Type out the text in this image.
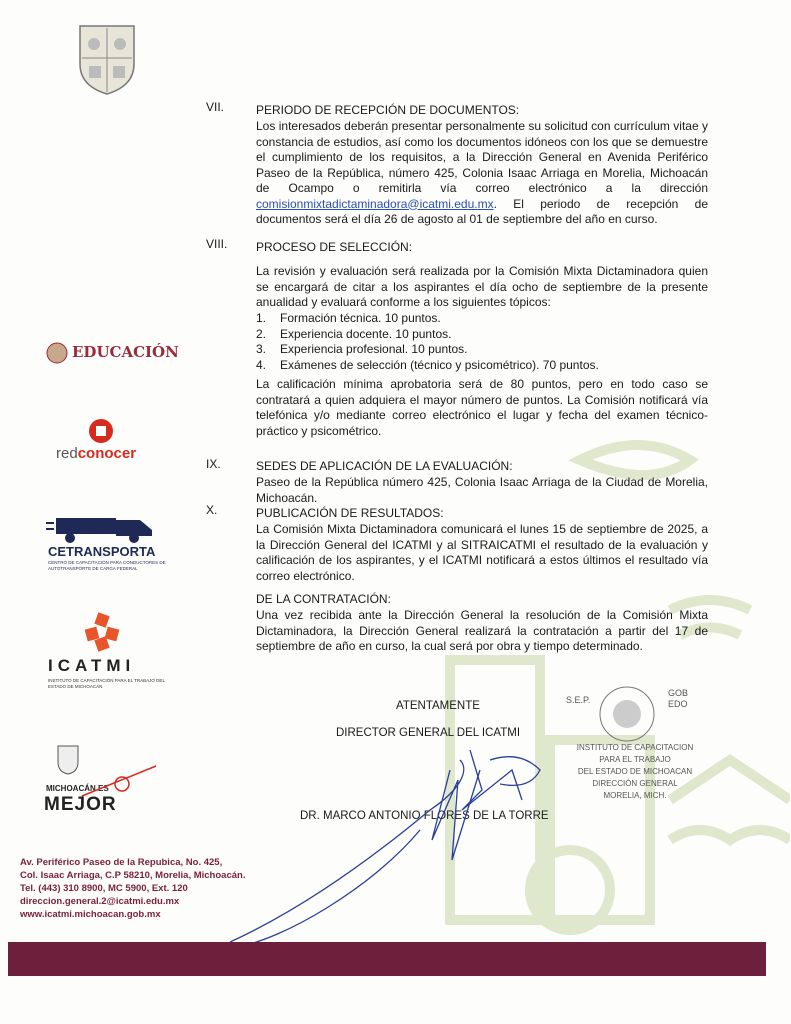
EDUCACIÓN
redconocer
CETRANSPORTA
CENTRO DE CAPACITACIÓN PARA CONDUCTORES DE AUTOTRANSPORTE DE CARGA FEDERAL
ICATMI
INSTITUTO DE CAPACITACIÓN PARA EL TRABAJO DEL ESTADO DE MICHOACÁN
MICHOACÁN ES
MEJOR
VII.	PERIODO DE RECEPCIÓN DE DOCUMENTOS:
Los interesados deberán presentar personalmente su solicitud con currículum vitae y constancia de estudios, así como los documentos idóneos con los que se demuestre el cumplimiento de los requisitos, a la Dirección General en Avenida Periférico Paseo de la República, número 425, Colonia Isaac Arriaga en Morelia, Michoacán de Ocampo o remitirla vía correo electrónico a la dirección comisionmixtadictaminadora@icatmi.edu.mx. El periodo de recepción de documentos será el día 26 de agosto al 01 de septiembre del año en curso.
VIII. PROCESO DE SELECCIÓN:
La revisión y evaluación será realizada por la Comisión Mixta Dictaminadora quien se encargará de citar a los aspirantes el día ocho de septiembre de la presente anualidad y evaluará conforme a los siguientes tópicos:
1. Formación técnica. 10 puntos.
2. Experiencia docente. 10 puntos.
3. Experiencia profesional. 10 puntos.
4. Exámenes de selección (técnico y psicométrico). 70 puntos.
La calificación mínima aprobatoria será de 80 puntos, pero en todo caso se contratará a quien adquiera el mayor número de puntos. La Comisión notificará vía telefónica y/o mediante correo electrónico el lugar y fecha del examen técnico-práctico y psicométrico.
IX.	SEDES DE APLICACIÓN DE LA EVALUACIÓN:
Paseo de la República número 425, Colonia Isaac Arriaga de la Ciudad de Morelia, Michoacán.
X.	PUBLICACIÓN DE RESULTADOS:
La Comisión Mixta Dictaminadora comunicará el lunes 15 de septiembre de 2025, a la Dirección General del ICATMI y al SITRAICATMI el resultado de la evaluación y calificación de los aspirantes, y el ICATMI notificará a estos últimos el resultado vía correo electrónico.
DE LA CONTRATACIÓN:
Una vez recibida ante la Dirección General la resolución de la Comisión Mixta Dictaminadora, la Dirección General realizará la contratación a partir del 17 de septiembre de año en curso, la cual será por obra y tiempo determinado.
ATENTAMENTE
DIRECTOR GENERAL DEL ICATMI
DR. MARCO ANTONIO FLORES DE LA TORRE
S.E.P.
GOB
EDO
INSTITUTO DE CAPACITACION
PARA EL TRABAJO
DEL ESTADO DE MICHOACAN
DIRECCIÓN GENERAL
MORELIA, MICH.
Av. Periférico Paseo de la Repubica, No. 425,
Col. Isaac Arriaga, C.P 58210, Morelia, Michoacán.
Tel. (443) 310 8900, MC 5900, Ext. 120
direccion.general.2@icatmi.edu.mx
www.icatmi.michoacan.gob.mx
